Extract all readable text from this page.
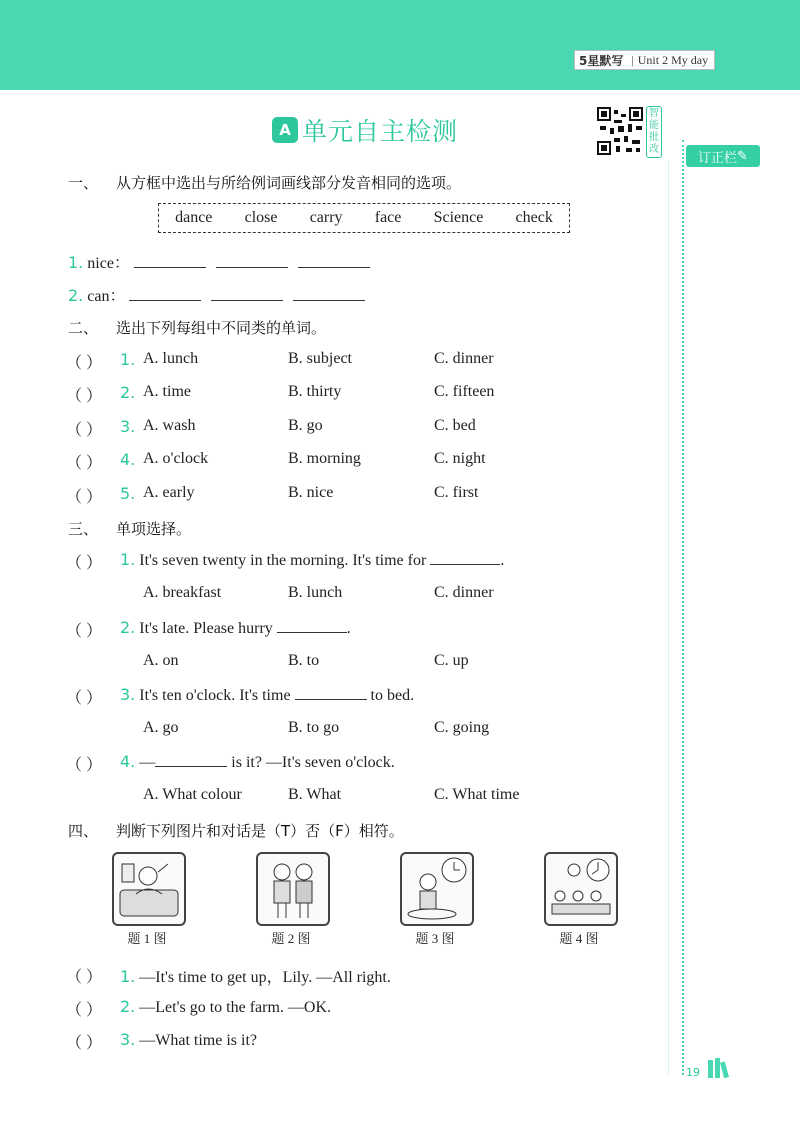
5星默写 | Unit 2 My day
A 单元自主检测
智能批改
订正栏 ✎
一、 从方框中选出与所给例词画线部分发音相同的选项。
dance close carry face Science check
1. nice：
2. can：
二、 选出下列每组中不同类的单词。
（ ） 1. A. lunch	B. subject	C. dinner
（ ） 2. A. time	B. thirty	C. fifteen
（ ） 3. A. wash	B. go	C. bed
（ ） 4. A. o'clock	B. morning	C. night
（ ） 5. A. early	B. nice	C. first
三、 单项选择。
（ ） 1. It's seven twenty in the morning. It's time for	.
A. breakfast	B. lunch	C. dinner
（ ） 2. It's late. Please hurry	.
A. on	B. to	C. up
（ ） 3. It's ten o'clock. It's time	to bed.
A. go	B. to go	C. going
（ ） 4. —	is it? —It's seven o'clock.
A. What colour	B. What	C. What time
四、 判断下列图片和对话是（T）否（F）相符。
题 1 图	题 2 图	题 3 图	题 4 图
（ ） 1. —It's time to get up，Lily. —All right.
（ ） 2. —Let's go to the farm. —OK.
（ ） 3. —What time is it?
19
